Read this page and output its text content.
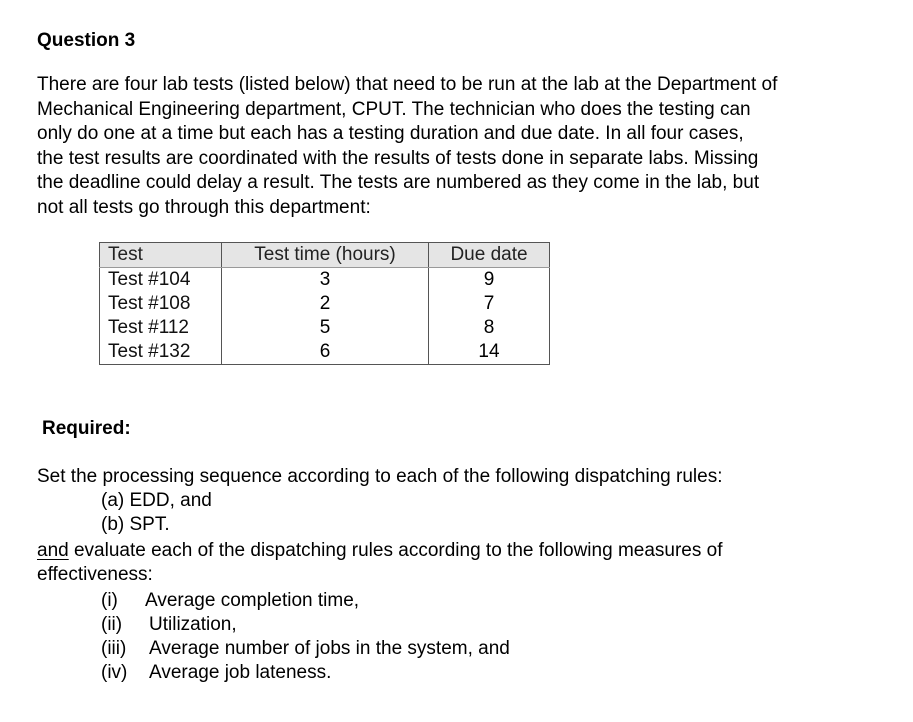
Question 3
There are four lab tests (listed below) that need to be run at the lab at the Department of
Mechanical Engineering department, CPUT. The technician who does the testing can
only do one at a time but each has a testing duration and due date. In all four cases,
the test results are coordinated with the results of tests done in separate labs. Missing
the deadline could delay a result. The tests are numbered as they come in the lab, but
not all tests go through this department:
Test	Test time (hours)	Due date
Test #104	3	9
Test #108	2	7
Test #112	5	8
Test #132	6	14
Required:
Set the processing sequence according to each of the following dispatching rules:
(a) EDD, and
(b) SPT.
and evaluate each of the dispatching rules according to the following measures of
effectiveness:
(i) Average completion time,
(ii) Utilization,
(iii) Average number of jobs in the system, and
(iv) Average job lateness.
